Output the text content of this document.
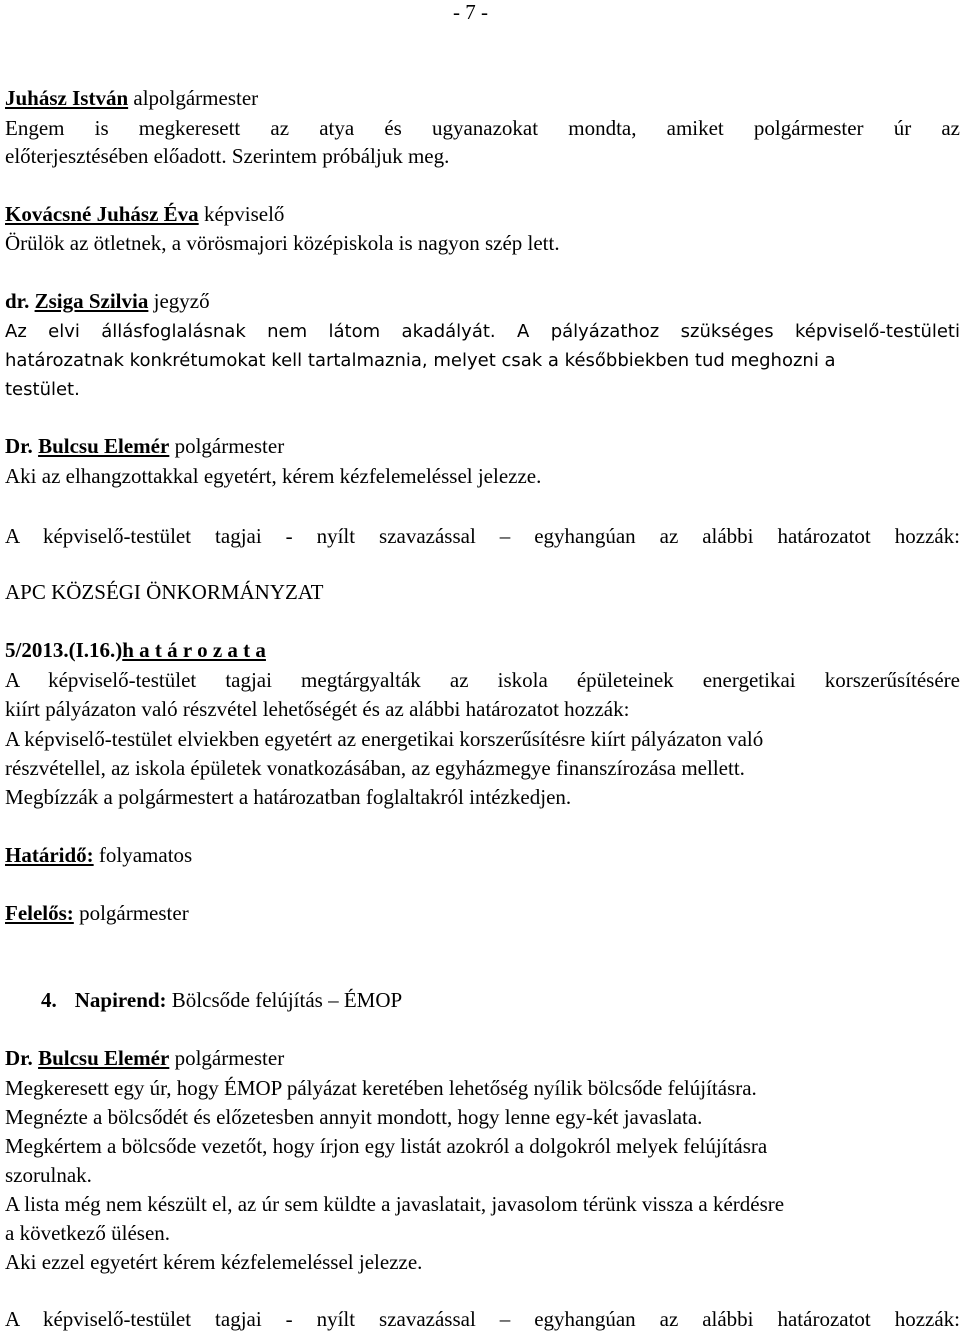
- 7 -
Juhász István alpolgármester
Engem is megkeresett az atya és ugyanazokat mondta, amiket polgármester úr az
előterjesztésében előadott. Szerintem próbáljuk meg.
Kovácsné Juhász Éva képviselő
Örülök az ötletnek, a vörösmajori középiskola is nagyon szép lett.
dr. Zsiga Szilvia jegyző
Az elvi állásfoglalásnak nem látom akadályát. A pályázathoz szükséges képviselő-testületi
határozatnak konkrétumokat kell tartalmaznia, melyet csak a későbbiekben tud meghozni a
testület.
Dr. Bulcsu Elemér polgármester
Aki az elhangzottakkal egyetért, kérem kézfelemeléssel jelezze.
A képviselő-testület tagjai - nyílt szavazással – egyhangúan az alábbi határozatot hozzák:
APC KÖZSÉGI ÖNKORMÁNYZAT
5/2013.(I.16.)h a t á r o z a t a
A képviselő-testület tagjai megtárgyalták az iskola épületeinek energetikai korszerűsítésére
kiírt pályázaton való részvétel lehetőségét és az alábbi határozatot hozzák:
A képviselő-testület elviekben egyetért az energetikai korszerűsítésre kiírt pályázaton való
részvétellel, az iskola épületek vonatkozásában, az egyházmegye finanszírozása mellett.
Megbízzák a polgármestert a határozatban foglaltakról intézkedjen.
Határidő: folyamatos
Felelős: polgármester
4. Napirend: Bölcsőde felújítás – ÉMOP
Dr. Bulcsu Elemér polgármester
Megkeresett egy úr, hogy ÉMOP pályázat keretében lehetőség nyílik bölcsőde felújításra.
Megnézte a bölcsődét és előzetesben annyit mondott, hogy lenne egy-két javaslata.
Megkértem a bölcsőde vezetőt, hogy írjon egy listát azokról a dolgokról melyek felújításra
szorulnak.
A lista még nem készült el, az úr sem küldte a javaslatait, javasolom térünk vissza a kérdésre
a következő ülésen.
Aki ezzel egyetért kérem kézfelemeléssel jelezze.
A képviselő-testület tagjai - nyílt szavazással – egyhangúan az alábbi határozatot hozzák:
